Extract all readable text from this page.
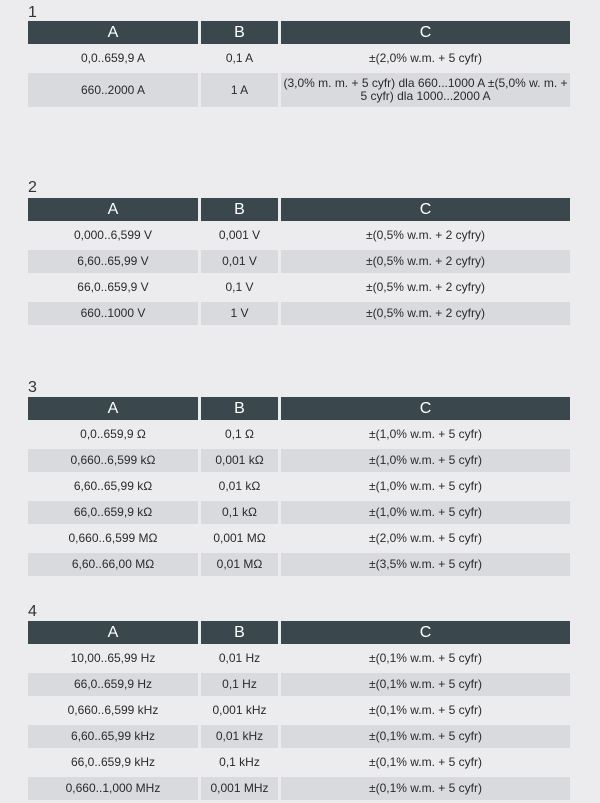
1
A	B	C
0,0..659,9 A	0,1 A	±(2,0% w.m. + 5 cyfr)
660..2000 A	1 A	(3,0% m. m. + 5 cyfr) dla 660...1000 A ±(5,0% w. m. + 5 cyfr) dla 1000...2000 A
2
A	B	C
0,000..6,599 V	0,001 V	±(0,5% w.m. + 2 cyfry)
6,60..65,99 V	0,01 V	±(0,5% w.m. + 2 cyfry)
66,0..659,9 V	0,1 V	±(0,5% w.m. + 2 cyfry)
660..1000 V	1 V	±(0,5% w.m. + 2 cyfry)
3
A	B	C
0,0..659,9 Ω	0,1 Ω	±(1,0% w.m. + 5 cyfr)
0,660..6,599 kΩ	0,001 kΩ	±(1,0% w.m. + 5 cyfr)
6,60..65,99 kΩ	0,01 kΩ	±(1,0% w.m. + 5 cyfr)
66,0..659,9 kΩ	0,1 kΩ	±(1,0% w.m. + 5 cyfr)
0,660..6,599 MΩ	0,001 MΩ	±(2,0% w.m. + 5 cyfr)
6,60..66,00 MΩ	0,01 MΩ	±(3,5% w.m. + 5 cyfr)
4
A	B	C
10,00..65,99 Hz	0,01 Hz	±(0,1% w.m. + 5 cyfr)
66,0..659,9 Hz	0,1 Hz	±(0,1% w.m. + 5 cyfr)
0,660..6,599 kHz	0,001 kHz	±(0,1% w.m. + 5 cyfr)
6,60..65,99 kHz	0,01 kHz	±(0,1% w.m. + 5 cyfr)
66,0..659,9 kHz	0,1 kHz	±(0,1% w.m. + 5 cyfr)
0,660..1,000 MHz	0,001 MHz	±(0,1% w.m. + 5 cyfr)
